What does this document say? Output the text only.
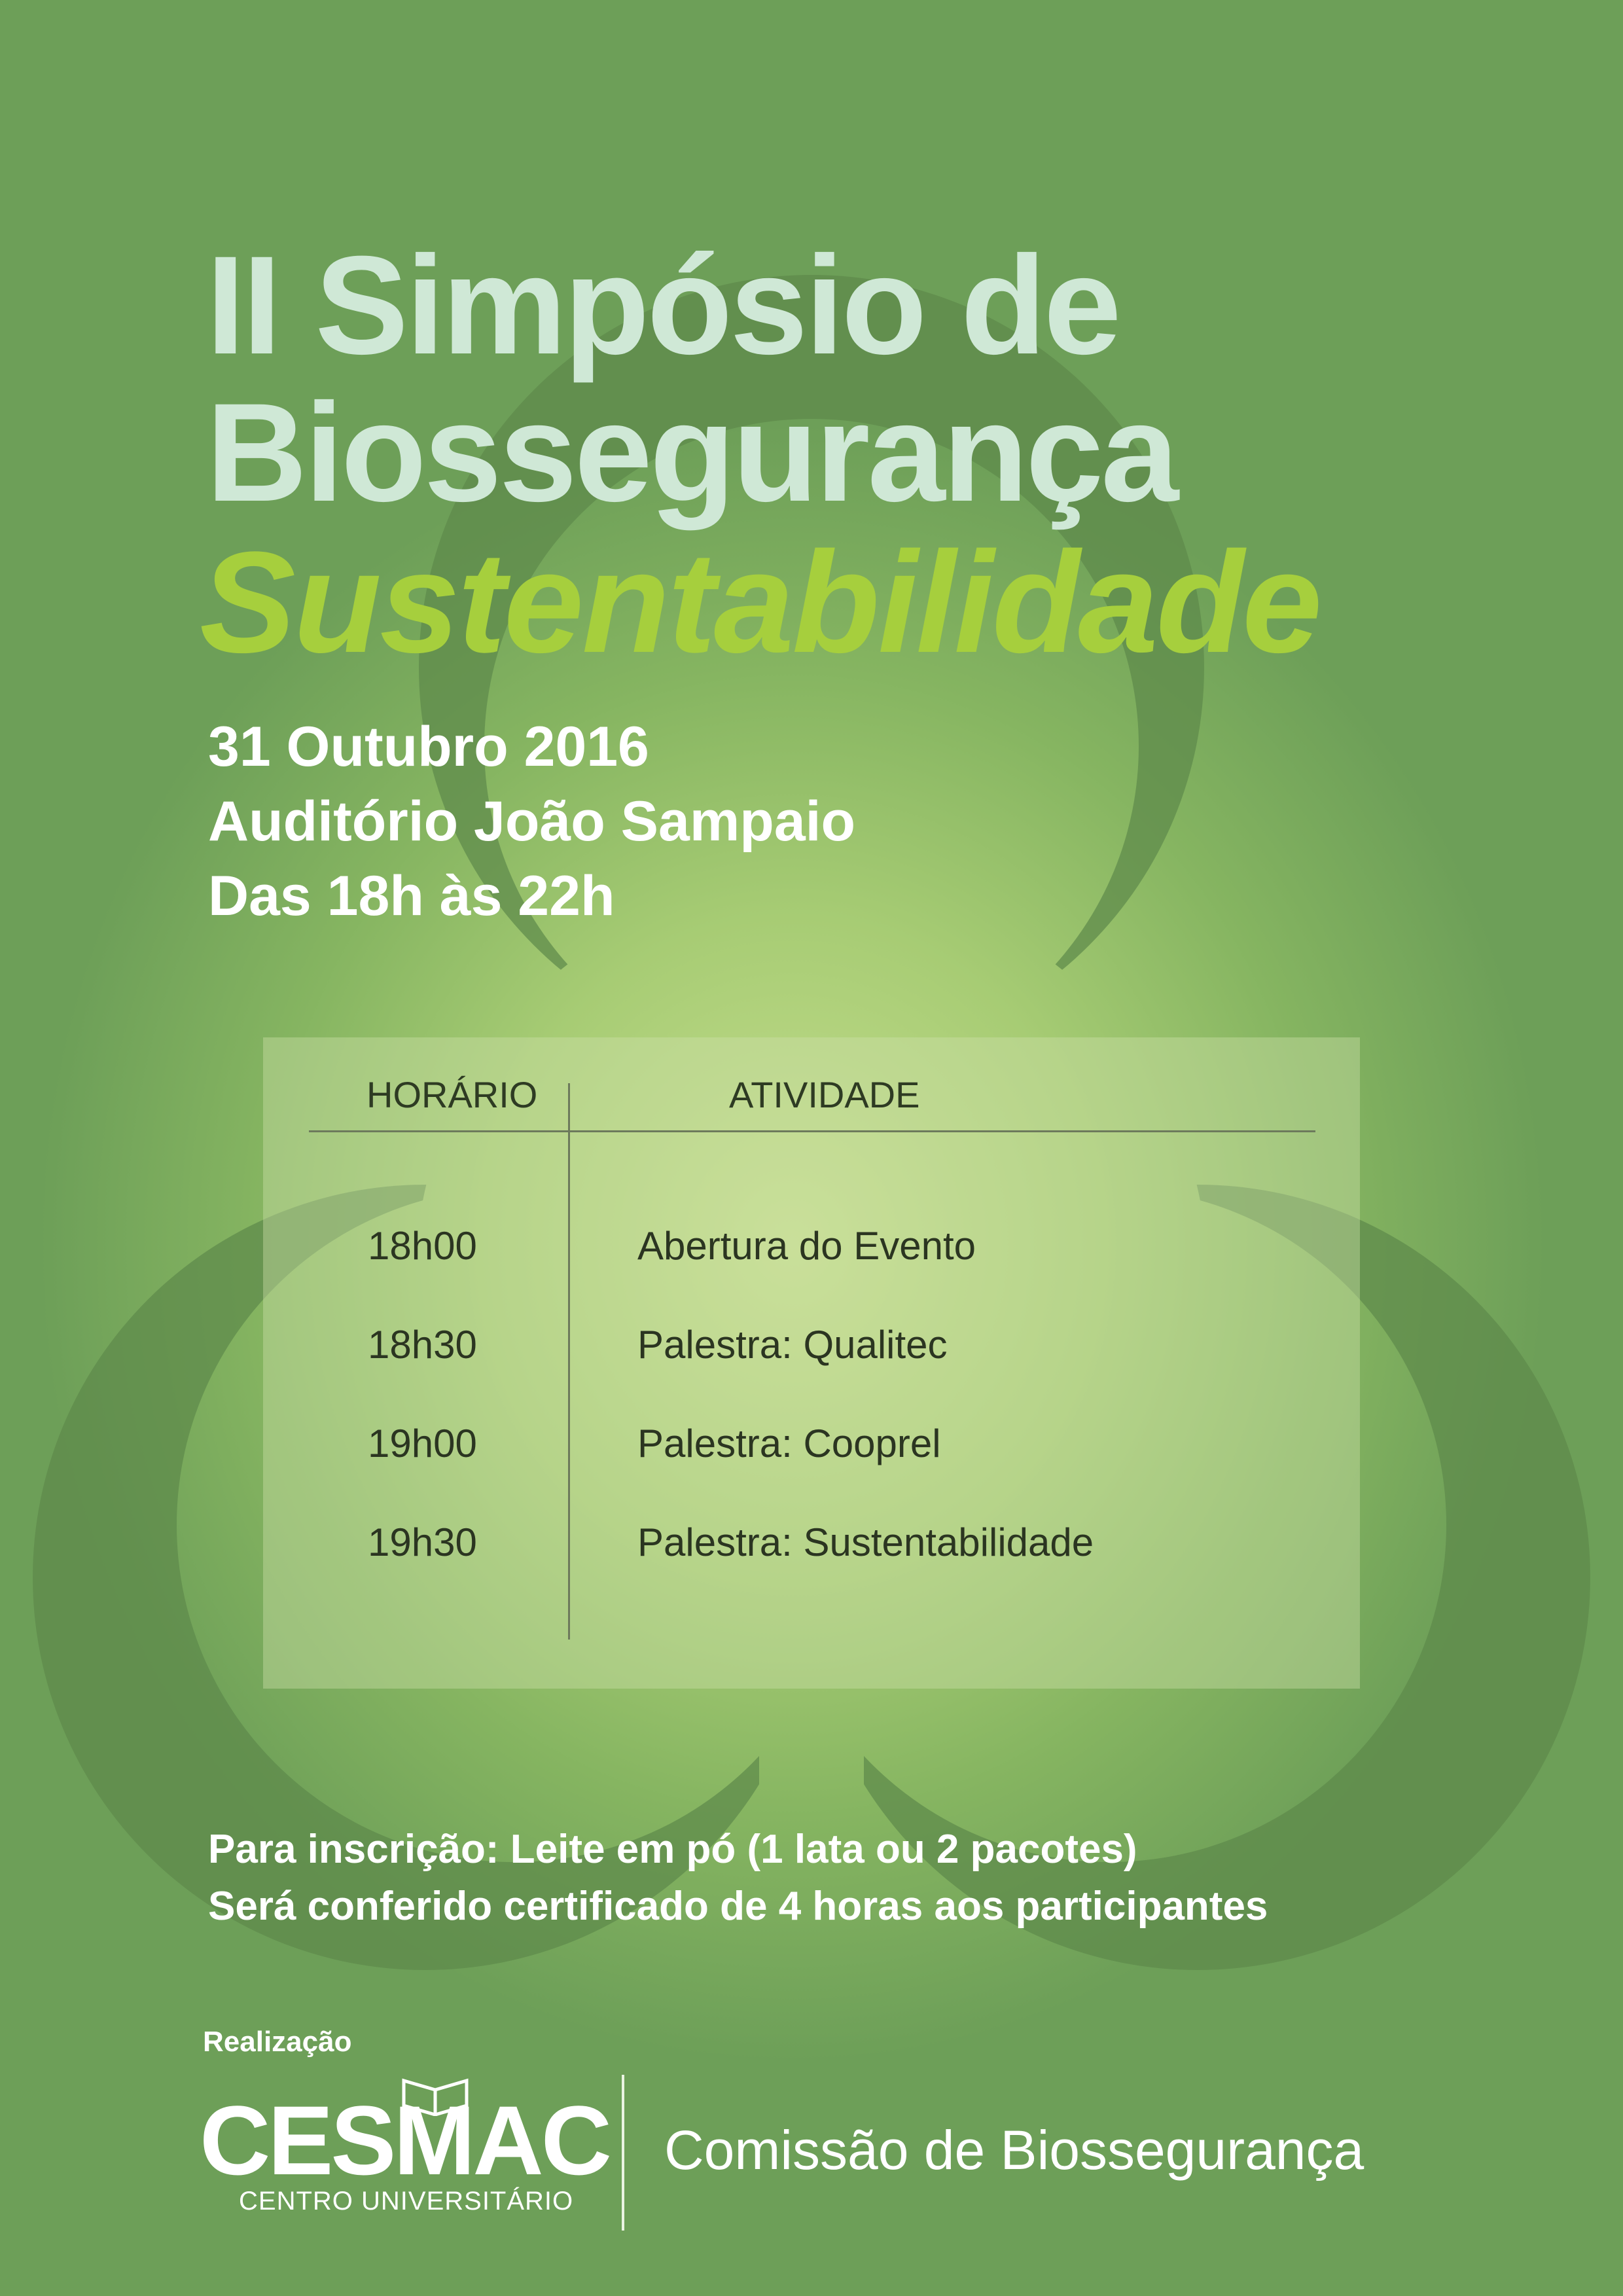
II Simpósio de
Biossegurança
Sustentabilidade

31 Outubro 2016

Auditório João Sampaio

Das 18h às 22h

HORÁRIO	ATIVIDADE

18h00	Abertura do Evento

18h30	Palestra: Qualitec

19h00	Palestra: Cooprel

19h30	Palestra: Sustentabilidade

Para inscrição: Leite em pó (1 lata ou 2 pacotes)

Será conferido certificado de 4 horas aos participantes

Realização

CESMAC

CENTRO UNIVERSITÁRIO

Comissão de Biossegurança
